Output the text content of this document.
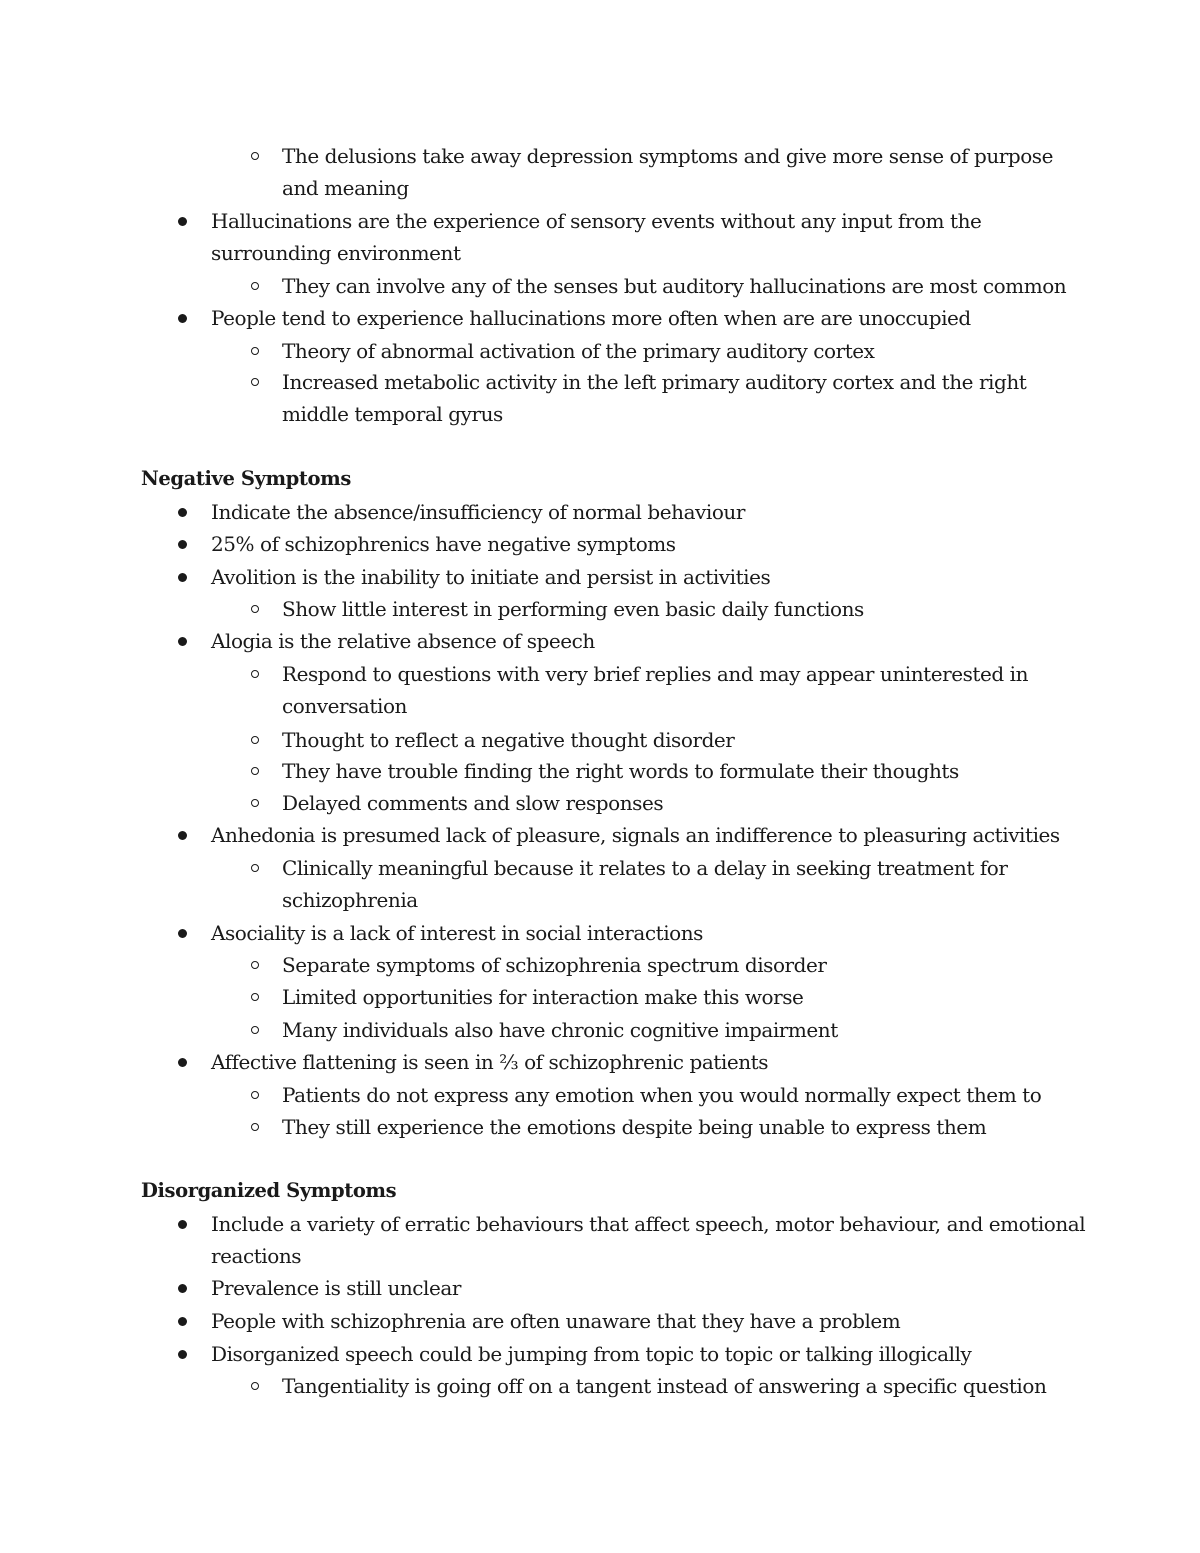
The delusions take away depression symptoms and give more sense of purpose
and meaning
Hallucinations are the experience of sensory events without any input from the
surrounding environment
They can involve any of the senses but auditory hallucinations are most common
People tend to experience hallucinations more often when are are unoccupied
Theory of abnormal activation of the primary auditory cortex
Increased metabolic activity in the left primary auditory cortex and the right
middle temporal gyrus
Negative Symptoms
Indicate the absence/insufficiency of normal behaviour
25% of schizophrenics have negative symptoms
Avolition is the inability to initiate and persist in activities
Show little interest in performing even basic daily functions
Alogia is the relative absence of speech
Respond to questions with very brief replies and may appear uninterested in
conversation
Thought to reflect a negative thought disorder
They have trouble finding the right words to formulate their thoughts
Delayed comments and slow responses
Anhedonia is presumed lack of pleasure, signals an indifference to pleasuring activities
Clinically meaningful because it relates to a delay in seeking treatment for
schizophrenia
Asociality is a lack of interest in social interactions
Separate symptoms of schizophrenia spectrum disorder
Limited opportunities for interaction make this worse
Many individuals also have chronic cognitive impairment
Affective flattening is seen in ⅔ of schizophrenic patients
Patients do not express any emotion when you would normally expect them to
They still experience the emotions despite being unable to express them
Disorganized Symptoms
Include a variety of erratic behaviours that affect speech, motor behaviour, and emotional
reactions
Prevalence is still unclear
People with schizophrenia are often unaware that they have a problem
Disorganized speech could be jumping from topic to topic or talking illogically
Tangentiality is going off on a tangent instead of answering a specific question
